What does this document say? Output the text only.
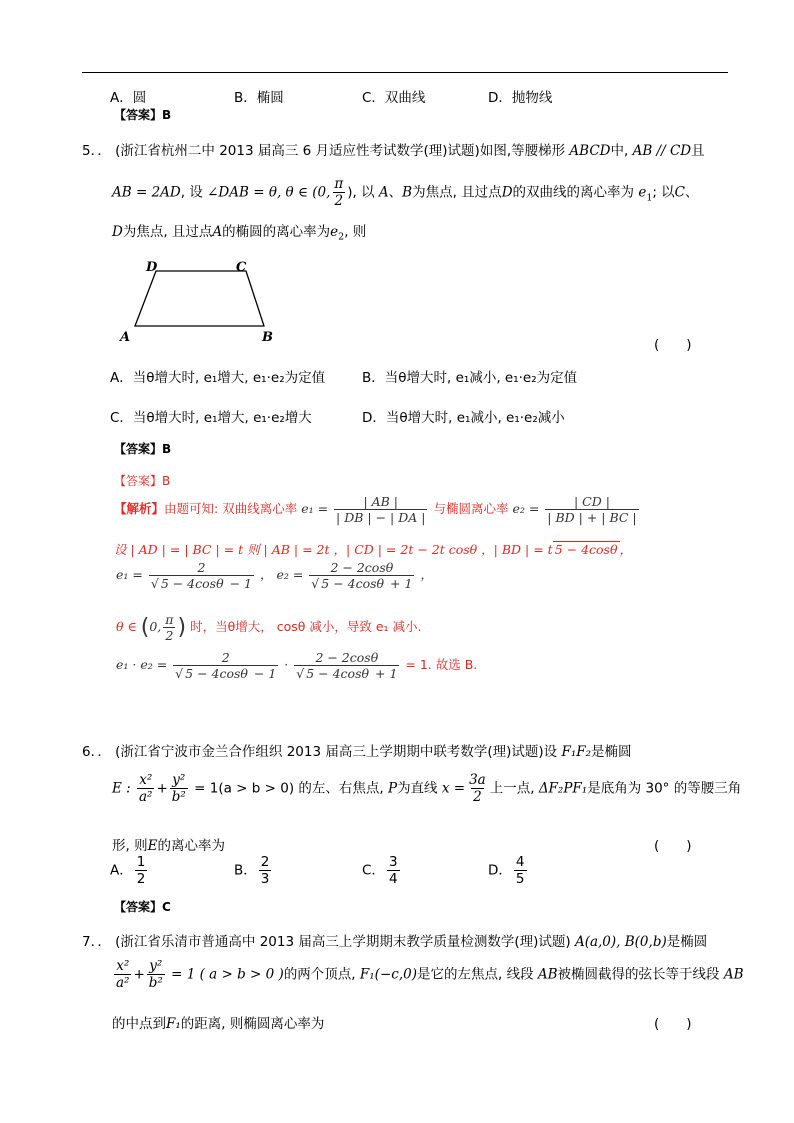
A．圆	B．椭圆	C．双曲线	D．抛物线
【答案】B
5．． (浙江省杭州二中 2013 届高三 6 月适应性考试数学(理)试题)如图,等腰梯形 ABCD中, AB // CD且
AB = 2AD, 设 ∠DAB = θ, θ ∈ (0, $\frac{\pi}{2}$ ), 以 A、B为焦点, 且过点D的双曲线的离心率为 $e_1$; 以C、
D为焦点, 且过点A的椭圆的离心率为$e_2$, 则
D	C
A	B	(　　)
A．当θ增大时, e₁增大, e₁·e₂为定值	B．当θ增大时, e₁减小, e₁·e₂为定值
C．当θ增大时, e₁增大, e₁·e₂增大	D．当θ增大时, e₁减小, e₁·e₂减小
【答案】B
【答案】B
【解析】由题可知: 双曲线离心率 $e_1 = \frac{| AB |}{| DB | - | DA |}$ 与椭圆离心率 $e_2 = \frac{| CD |}{| BD | + | BC |}$
设 | AD | = | BC | = t 则 | AB | = 2t ，| CD | = 2t − 2t cosθ ，| BD | = t 5 − 4cosθ ，
$e_1 = \frac{2}{√ 5 - 4\cos\theta - 1}$ ， $e_2 = \frac{2 - 2\cos\theta}{√ 5 - 4\cos\theta + 1}$ ，
θ ∈ (0, $\frac{\pi}{2}$ ) 时，当θ增大， cosθ 减小，导致 e₁ 减小.
$e_1 \cdot e_2 = \frac{2}{√ 5 - 4\cos\theta - 1} \cdot \frac{2 - 2\cos\theta}{√ 5 - 4\cos\theta + 1} = 1$. 故选 B.
6．． (浙江省宁波市金兰合作组织 2013 届高三上学期期中联考数学(理)试题)设 F₁F₂是椭圆
E : $\frac{\text{x²}}{\text{a²}} + \frac{\text{y²}}{\text{b²}} = 1(a > b > 0)$ 的左、右焦点, P为直线 $x = \frac{3a}{2}$ 上一点, ΔF₂PF₁是底角为 30° 的等腰三角
形, 则E的离心率为	(　　)
A． $\frac{1}{2}$	B． $\frac{2}{3}$	C． $\frac{3}{4}$	D． $\frac{4}{5}$
【答案】C
7．． (浙江省乐清市普通高中 2013 届高三上学期期末教学质量检测数学(理)试题) A(a,0), B(0,b)是椭圆
$\frac{\text{x²}}{\text{a²}} + \frac{\text{y²}}{\text{b²}} = 1$ ( a > b > 0 )的两个顶点, F₁(−c,0)是它的左焦点, 线段 AB被椭圆截得的弦长等于线段 AB
的中点到F₁的距离, 则椭圆离心率为	(　　)
